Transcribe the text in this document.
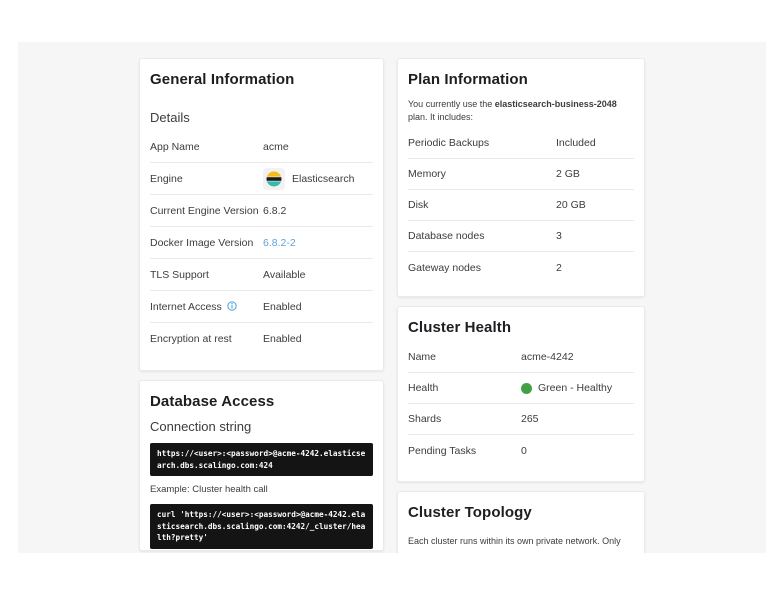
General Information

Details

App Name	acme
Engine	Elasticsearch
Current Engine Version 6.8.2
Docker Image Version 6.8.2-2
TLS Support	Available
Internet Access	Enabled
Encryption at rest	Enabled
Database Access

Connection string

https://<user>:<password>@acme-4242.elasticsearch.dbs.scalingo.com:424

Example: Cluster health call

curl 'https://<user>:<password>@acme-4242.elasticsearch.dbs.scalingo.com:4242/_cluster/health?pretty'
Plan Information

You currently use the elasticsearch-business-2048 plan. It includes:

Periodic Backups	Included
Memory	2 GB
Disk	20 GB
Database nodes	3
Gateway nodes	2
Cluster Health
Name	acme-4242
Health	Green - Healthy
Shards	265
Pending Tasks	0
Cluster Topology

Each cluster runs within its own private network. Only
